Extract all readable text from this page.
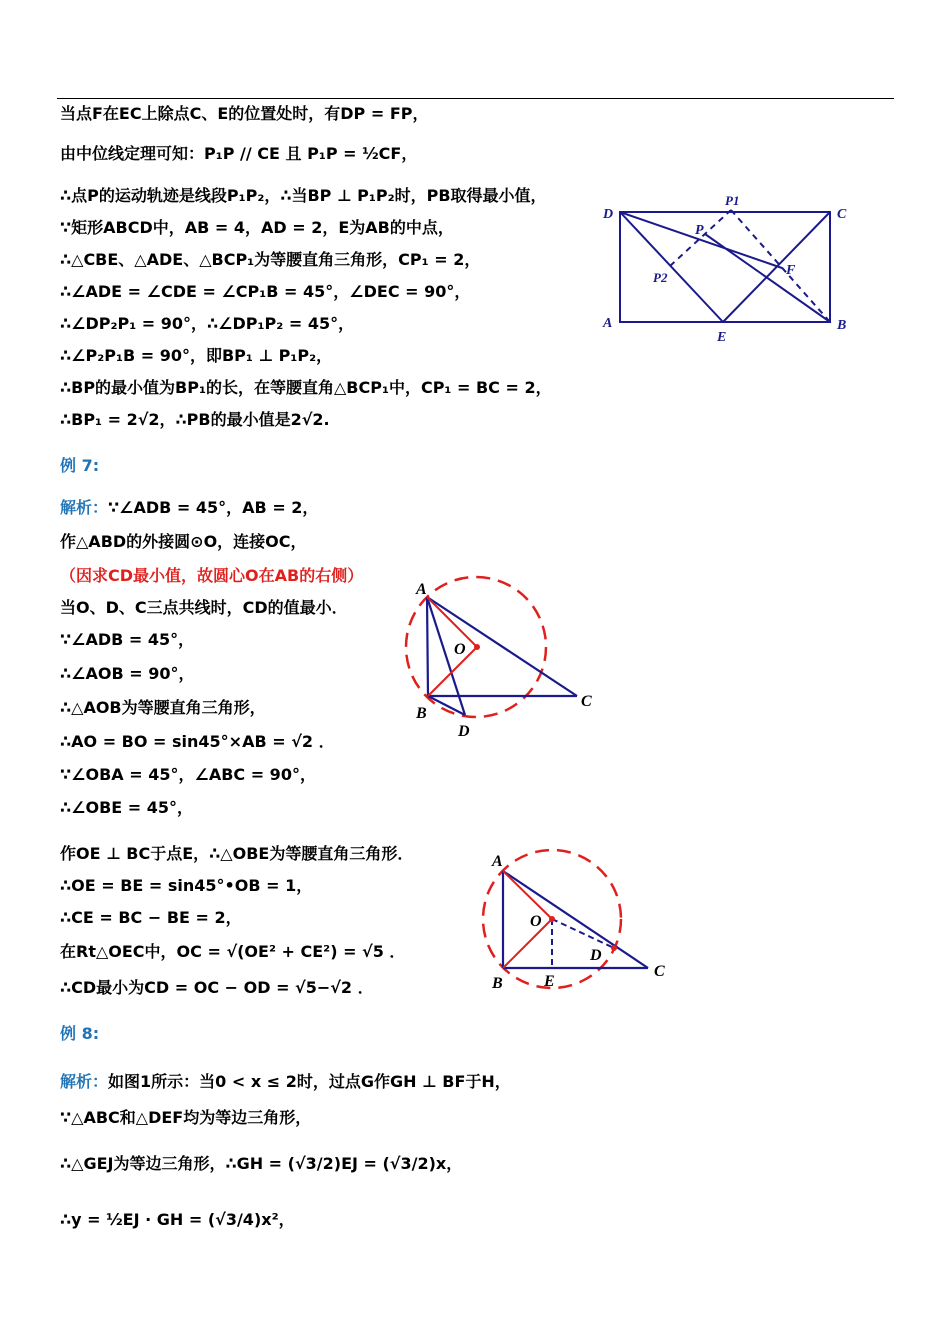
当点F在EC上除点C、E的位置处时，有DP = FP，
由中位线定理可知：P₁P // CE 且 P₁P = ½CF，
∴点P的运动轨迹是线段P₁P₂，∴当BP ⊥ P₁P₂时，PB取得最小值，
∵矩形ABCD中，AB = 4，AD = 2，E为AB的中点，
∴△CBE、△ADE、△BCP₁为等腰直角三角形，CP₁ = 2，
∴∠ADE = ∠CDE = ∠CP₁B = 45°，∠DEC = 90°，
∴∠DP₂P₁ = 90°，∴∠DP₁P₂ = 45°，
∴∠P₂P₁B = 90°，即BP₁ ⊥ P₁P₂，
∴BP的最小值为BP₁的长，在等腰直角△BCP₁中，CP₁ = BC = 2，
∴BP₁ = 2√2，∴PB的最小值是2√2.
例 7:
解析：∵∠ADB = 45°，AB = 2，
作△ABD的外接圆⊙O，连接OC，
（因求CD最小值，故圆心O在AB的右侧）
当O、D、C三点共线时，CD的值最小．
∵∠ADB = 45°，
∴∠AOB = 90°，
∴△AOB为等腰直角三角形，
∴AO = BO = sin45°×AB = √2 ．
∵∠OBA = 45°，∠ABC = 90°，
∴∠OBE = 45°，
作OE ⊥ BC于点E，∴△OBE为等腰直角三角形．
∴OE = BE = sin45°•OB = 1，
∴CE = BC − BE = 2，
在Rt△OEC中，OC = √(OE² + CE²) = √5 ．
∴CD最小为CD = OC − OD = √5−√2 ．
例 8:
解析：如图1所示：当0 < x ≤ 2时，过点G作GH ⊥ BF于H，
∵△ABC和△DEF均为等边三角形，
∴△GEJ为等边三角形，∴GH = (√3/2)EJ = (√3/2)x，
∴y = ½EJ · GH = (√3/4)x²，
D	C
A	B
E
P
P1
P2	F
A
B
C
D
O
A
B
C
D
O
E
